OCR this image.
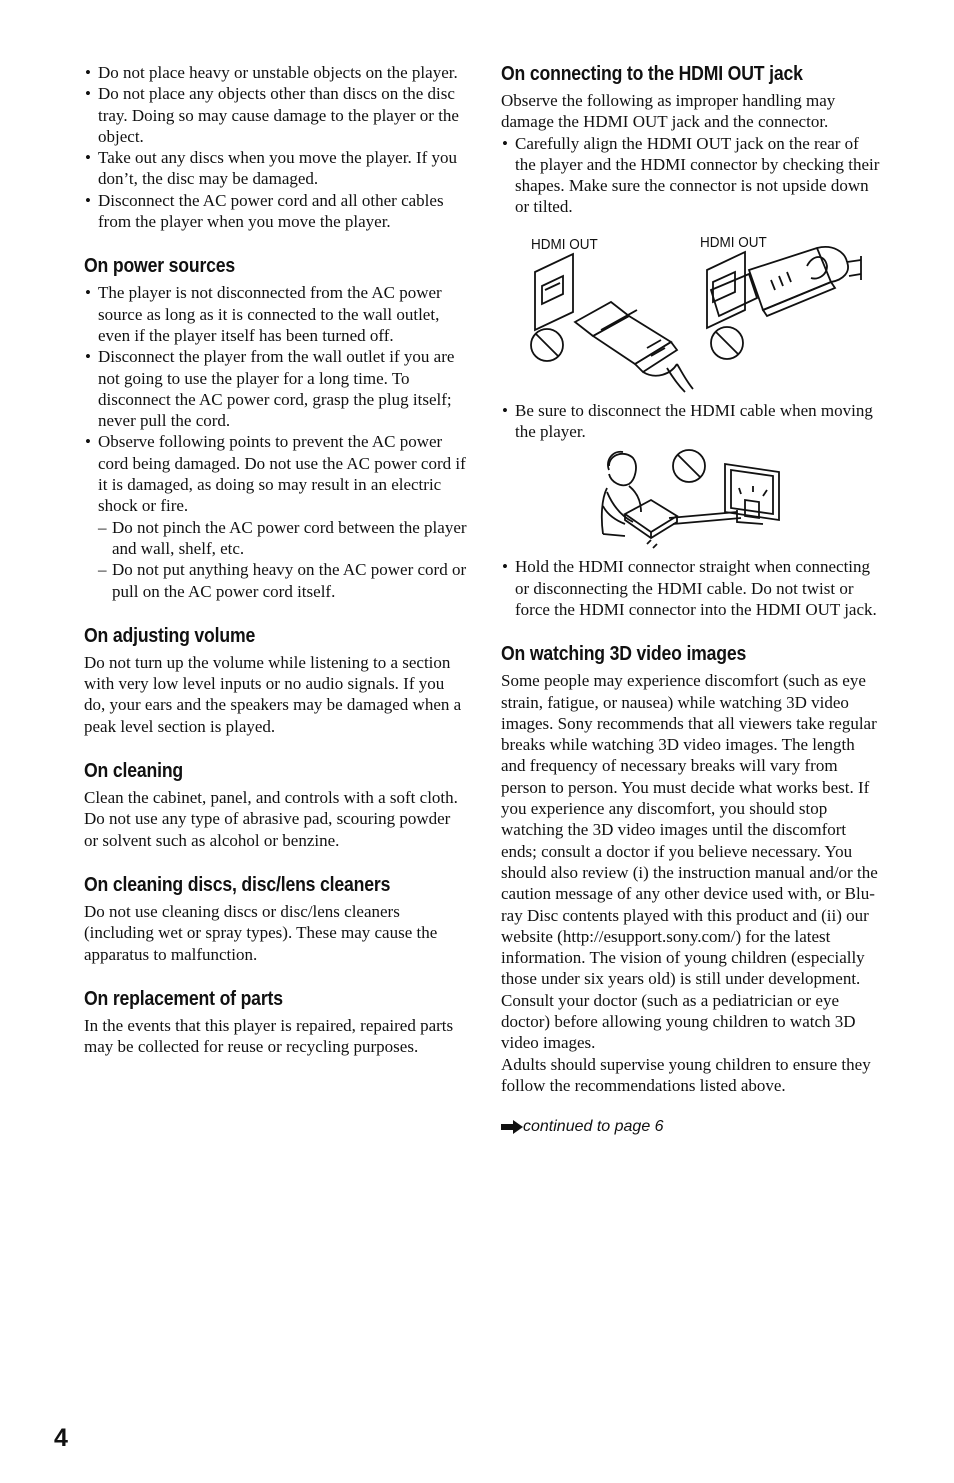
• Do not place heavy or unstable objects on the player.
• Do not place any objects other than discs on the disc tray. Doing so may cause damage to the player or the object.
• Take out any discs when you move the player. If you don’t, the disc may be damaged.
• Disconnect the AC power cord and all other cables from the player when you move the player.
On power sources
• The player is not disconnected from the AC power source as long as it is connected to the wall outlet, even if the player itself has been turned off.
• Disconnect the player from the wall outlet if you are not going to use the player for a long time. To disconnect the AC power cord, grasp the plug itself; never pull the cord.
• Observe following points to prevent the AC power cord being damaged. Do not use the AC power cord if it is damaged, as doing so may result in an electric shock or fire.
– Do not pinch the AC power cord between the player and wall, shelf, etc.
– Do not put anything heavy on the AC power cord or pull on the AC power cord itself.
On adjusting volume

Do not turn up the volume while listening to a section with very low level inputs or no audio signals. If you do, your ears and the speakers may be damaged when a peak level section is played.

On cleaning

Clean the cabinet, panel, and controls with a soft cloth. Do not use any type of abrasive pad, scouring powder or solvent such as alcohol or benzine.

On cleaning discs, disc/lens cleaners

Do not use cleaning discs or disc/lens cleaners (including wet or spray types). These may cause the apparatus to malfunction.

On replacement of parts

In the events that this player is repaired, repaired parts may be collected for reuse or recycling purposes.

On connecting to the HDMI OUT jack

Observe the following as improper handling may damage the HDMI OUT jack and the connector.

• Carefully align the HDMI OUT jack on the rear of the player and the HDMI connector by checking their shapes. Make sure the connector is not upside down or tilted.
HDMI OUT	HDMI OUT
• Be sure to disconnect the HDMI cable when moving the player.
• Hold the HDMI connector straight when connecting or disconnecting the HDMI cable. Do not twist or force the HDMI connector into the HDMI OUT jack.
On watching 3D video images

Some people may experience discomfort (such as eye strain, fatigue, or nausea) while watching 3D video images. Sony recommends that all viewers take regular breaks while watching 3D video images. The length and frequency of necessary breaks will vary from person to person. You must decide what works best. If you experience any discomfort, you should stop watching the 3D video images until the discomfort ends; consult a doctor if you believe necessary. You should also review (i) the instruction manual and/or the caution message of any other device used with, or Blu-ray Disc contents played with this product and (ii) our website (http://esupport.sony.com/) for the latest information. The vision of young children (especially those under six years old) is still under development. Consult your doctor (such as a pediatrician or eye doctor) before allowing young children to watch 3D video images.

Adults should supervise young children to ensure they follow the recommendations listed above.

continued to page 6
4
